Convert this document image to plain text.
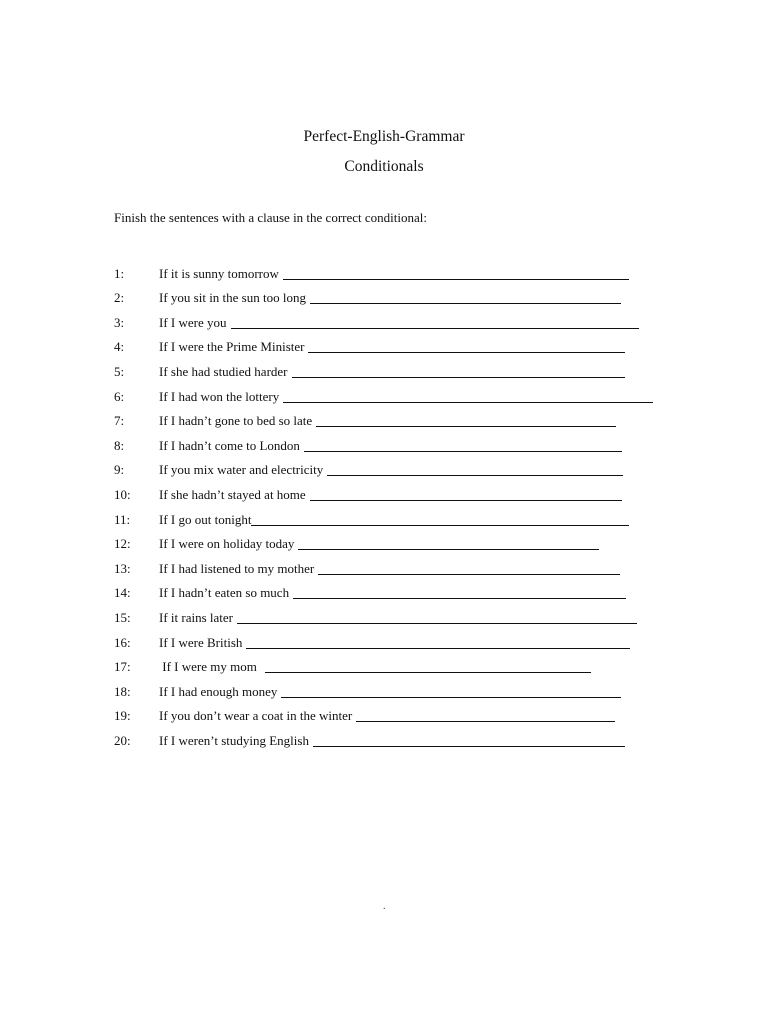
Perfect-English-Grammar
Conditionals
Finish the sentences with a clause in the correct conditional:
1:	If it is sunny tomorrow
2:	If you sit in the sun too long
3:	If I were you
4:	If I were the Prime Minister
5:	If she had studied harder
6:	If I had won the lottery
7:	If I hadn’t gone to bed so late
8:	If I hadn’t come to London
9:	If you mix water and electricity
10:	If she hadn’t stayed at home
11:	If I go out tonight
12:	If I were on holiday today
13:	If I had listened to my mother
14:	If I hadn’t eaten so much
15:	If it rains later
16:	If I were British
17:	If I were my mom
18:	If I had enough money
19:	If you don’t wear a coat in the winter
20:	If I weren’t studying English
.
